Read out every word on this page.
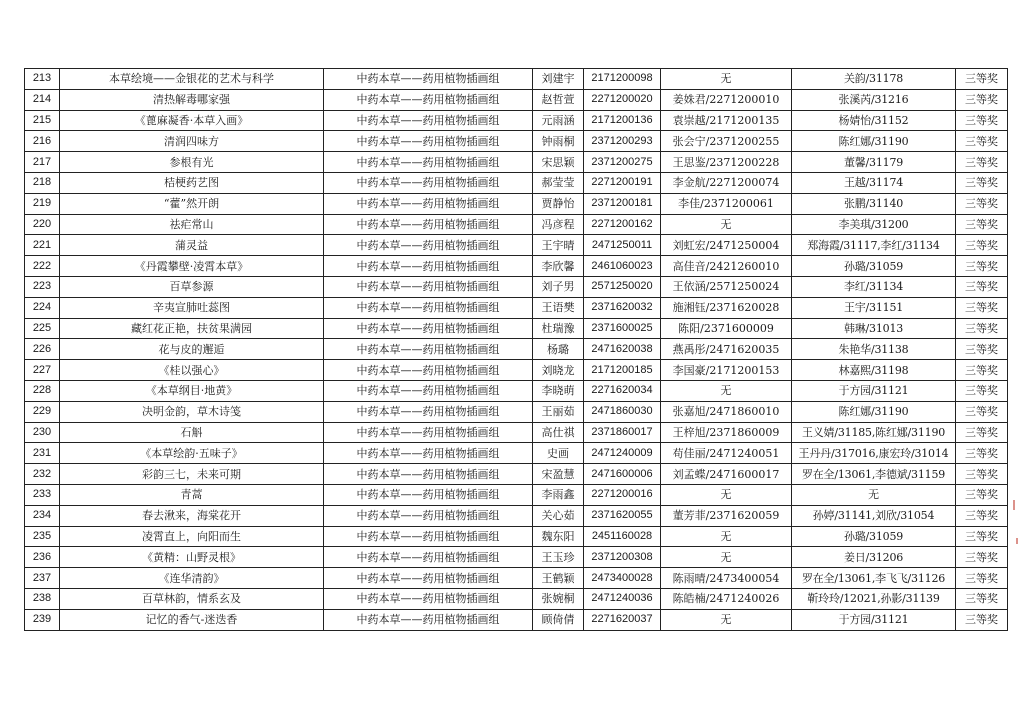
213	本草绘境——金银花的艺术与科学	中药本草——药用植物插画组	刘建宇	2171200098	无	关韵/31178	三等奖
214	清热解毒哪家强	中药本草——药用植物插画组	赵哲萱	2271200020	姜姝君/2271200010	张溪芮/31216	三等奖
215	《蓖麻凝香·本草入画》	中药本草——药用植物插画组	元雨涵	2171200136	袁崇越/2171200135	杨婧怡/31152	三等奖
216	清润四味方	中药本草——药用植物插画组	钟雨桐	2371200293	张会宁/2371200255	陈红娜/31190	三等奖
217	参根有光	中药本草——药用植物插画组	宋思颖	2371200275	王思鉴/2371200228	董馨/31179	三等奖
218	桔梗药艺图	中药本草——药用植物插画组	郝莹莹	2271200191	李金航/2271200074	王越/31174	三等奖
219	“藿”然开朗	中药本草——药用植物插画组	贾静怡	2371200181	李佳/2371200061	张鹏/31140	三等奖
220	祛疟常山	中药本草——药用植物插画组	冯彦程	2271200162	无	李美琪/31200	三等奖
221	蒲灵益	中药本草——药用植物插画组	王宇晴	2471250011	刘虹宏/2471250004	郑海霞/31117,李红/31134	三等奖
222	《丹霞攀壁·凌霄本草》	中药本草——药用植物插画组	李欣馨	2461060023	高佳音/2421260010	孙璐/31059	三等奖
223	百草参源	中药本草——药用植物插画组	刘子男	2571250020	王依涵/2571250024	李红/31134	三等奖
224	辛夷宣肺吐蕊图	中药本草——药用植物插画组	王语樊	2371620032	施湘钰/2371620028	王宇/31151	三等奖
225	藏红花正艳，扶贫果满园	中药本草——药用植物插画组	杜瑞豫	2371600025	陈阳/2371600009	韩琳/31013	三等奖
226	花与皮的邂逅	中药本草——药用植物插画组	杨璐	2471620038	燕禹彤/2471620035	朱艳华/31138	三等奖
227	《桂以强心》	中药本草——药用植物插画组	刘晓龙	2171200185	李国豪/2171200153	林嘉熙/31198	三等奖
228	《本草纲目·地黄》	中药本草——药用植物插画组	李晓萌	2271620034	无	于方园/31121	三等奖
229	决明金韵，草木诗笺	中药本草——药用植物插画组	王丽茹	2471860030	张嘉旭/2471860010	陈红娜/31190	三等奖
230	石斛	中药本草——药用植物插画组	高仕祺	2371860017	王梓旭/2371860009	王义婧/31185,陈红娜/31190	三等奖
231	《本草绘韵·五味子》	中药本草——药用植物插画组	史画	2471240009	苟佳丽/2471240051	王丹丹/317016,康宏玲/31014	三等奖
232	彩韵三七，未来可期	中药本草——药用植物插画组	宋盈慧	2471600006	刘孟蝶/2471600017	罗在全/13061,李德斌/31159	三等奖
233	青蒿	中药本草——药用植物插画组	李雨鑫	2271200016	无	无	三等奖
234	春去湫来，海棠花开	中药本草——药用植物插画组	关心茹	2371620055	董芳菲/2371620059	孙婷/31141,刘欣/31054	三等奖
235	凌霄直上，向阳而生	中药本草——药用植物插画组	魏东阳	2451160028	无	孙璐/31059	三等奖
236	《黄精：山野灵根》	中药本草——药用植物插画组	王玉珍	2371200308	无	姜日/31206	三等奖
237	《连华清韵》	中药本草——药用植物插画组	王鹤颖	2473400028	陈雨晴/2473400054	罗在全/13061,李飞飞/31126	三等奖
238	百草林韵，情系玄及	中药本草——药用植物插画组	张婉桐	2471240036	陈皓楠/2471240026	靳玲玲/12021,孙影/31139	三等奖
239	记忆的香气-迷迭香	中药本草——药用植物插画组	顾倚倩	2271620037	无	于方园/31121	三等奖
